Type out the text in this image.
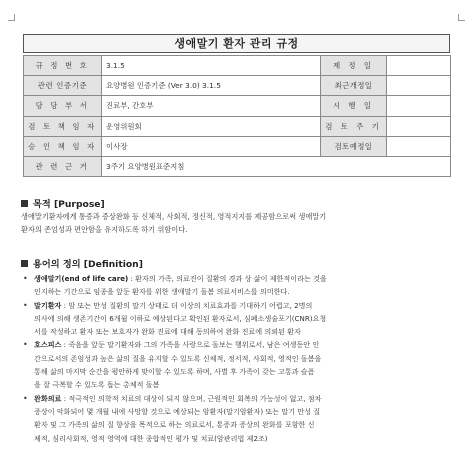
생애말기 환자 관리 규정
규 정 번 호	3.1.5	제 정 일	
관련 인증기준	요양병원 인증기준 (Ver 3.0) 3.1.5	최근개정일	
담 당 부 서	진료부, 간호부	시 행 일	
검 토 책 임 자	운영위원회	검 토 주 기	
승 인 책 임 자	이사장	검토예정일	
관 련 근 거	3주기 요양병원표준지침		
목적 [Purpose]
생애말기환자에게 통증과 증상완화 등 신체적, 사회적, 정신적, 영적지지를 제공함으로써 생애말기
환자의 존엄성과 편안함을 유지하도록 하기 위함이다.
용어의 정의 [Definition]
• 생애말기(end of life care) : 환자의 가족, 의료진이 질환의 경과 상 삶이 제한적이라는 것을
인지하는 기간으로 임종을 앞둔 환자를 위한 생애말기 돌봄 의료서비스를 의미한다.
• 말기환자 : 암 또는 만성 질환의 말기 상태로 더 이상의 치료효과를 기대하기 어렵고, 2명의
의사에 의해 생존기간이 6개월 이하로 예상된다고 확인된 환자로서, 심폐소생술포기(CNR)요청
서를 작성하고 환자 또는 보호자가 완화 진료에 대해 동의하여 완화 진료에 의뢰된 환자
• 호스피스 : 죽음을 앞둔 말기환자와 그의 가족을 사랑으로 돌보는 행위로서, 남은 여생동안 인
간으로서의 존엄성과 높은 삶의 질을 유지할 수 있도록 신체적, 정서적, 사회적, 영적인 돌봄을
통해 삶의 마지막 순간을 평안하게 맞이할 수 있도록 하며, 사별 후 가족이 갖는 고통과 슬픔
을 잘 극복할 수 있도록 돕는 총체적 돌봄
• 완화의료 : 적극적인 의학적 치료의 대상이 되지 않으며, 근원적인 회복의 가능성이 없고, 점차
증상이 악화되어 몇 개월 내에 사망할 것으로 예상되는 암환자(말기암환자) 또는 말기 만성 질
환자 및 그 가족의 삶의 질 향상을 목적으로 하는 의료로서, 통증과 증상의 완화를 포함한 신
체적, 심리사회적, 영적 영역에 대한 종합적인 평가 및 치료(암관리법 제2조)
